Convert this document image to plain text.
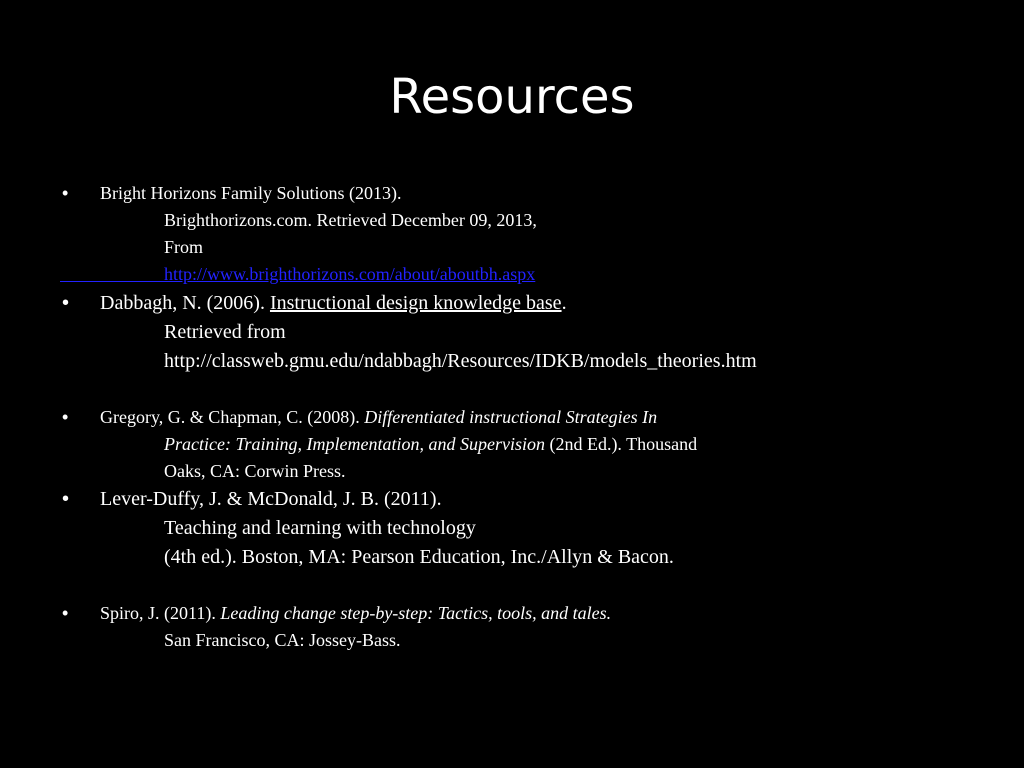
Resources
• Bright Horizons Family Solutions (2013).
Brighthorizons.com. Retrieved December 09, 2013,
From
http://www.brighthorizons.com/about/aboutbh.aspx
• Dabbagh, N. (2006). Instructional design knowledge base.
Retrieved from
http://classweb.gmu.edu/ndabbagh/Resources/IDKB/models_theories.htm
• Gregory, G. & Chapman, C. (2008). Differentiated instructional Strategies In
Practice: Training, Implementation, and Supervision (2nd Ed.). Thousand
Oaks, CA: Corwin Press.
• Lever-Duffy, J. & McDonald, J. B. (2011).
Teaching and learning with technology
(4th ed.). Boston, MA: Pearson Education, Inc./Allyn & Bacon.
• Spiro, J. (2011). Leading change step-by-step: Tactics, tools, and tales.
San Francisco, CA: Jossey-Bass.
